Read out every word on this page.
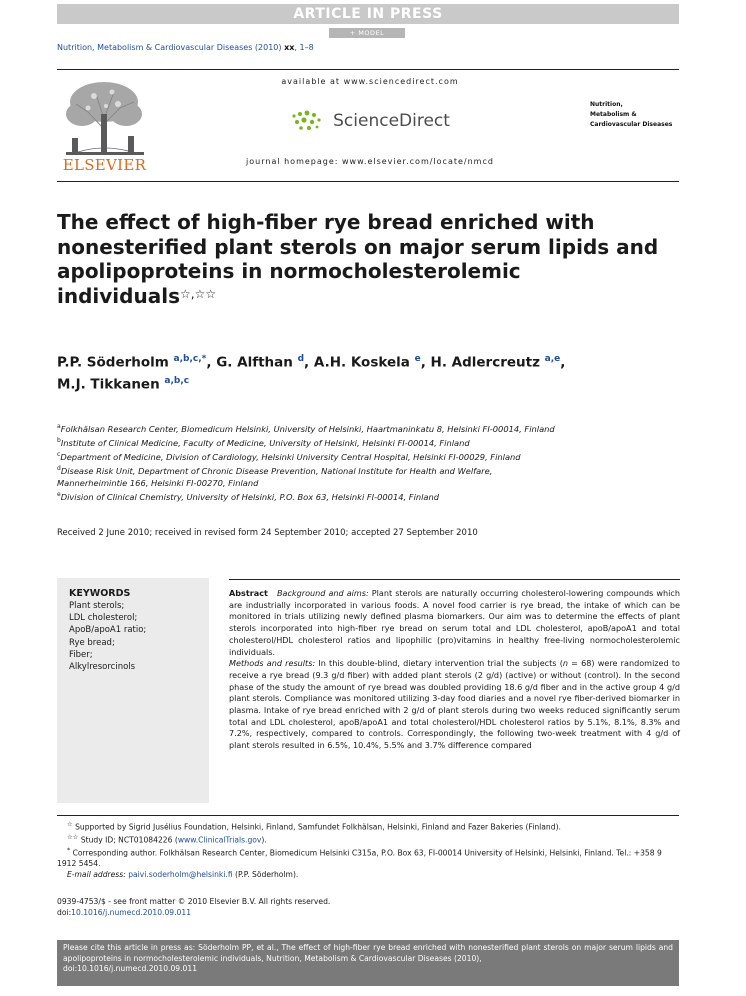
ARTICLE IN PRESS
+ MODEL
Nutrition, Metabolism & Cardiovascular Diseases (2010) xx, 1–8
ELSEVIER
available at www.sciencedirect.com
ScienceDirect
journal homepage: www.elsevier.com/locate/nmcd
Nutrition,
Metabolism &
Cardiovascular Diseases
The effect of high-fiber rye bread enriched with nonesterified plant sterols on major serum lipids and apolipoproteins in normocholesterolemic individuals☆,☆☆
P.P. Söderholm $^{a,b,c,*}$, G. Alfthan $^d$, A.H. Koskela $^e$, H. Adlercreutz $^{a,e}$,
M.J. Tikkanen $^{a,b,c}$
$^a$Folkhälsan Research Center, Biomedicum Helsinki, University of Helsinki, Haartmaninkatu 8, Helsinki FI-00014, Finland
$^b$Institute of Clinical Medicine, Faculty of Medicine, University of Helsinki, Helsinki FI-00014, Finland
$^c$Department of Medicine, Division of Cardiology, Helsinki University Central Hospital, Helsinki FI-00029, Finland
$^d$Disease Risk Unit, Department of Chronic Disease Prevention, National Institute for Health and Welfare,
Mannerheimintie 166, Helsinki FI-00270, Finland
$^e$Division of Clinical Chemistry, University of Helsinki, P.O. Box 63, Helsinki FI-00014, Finland
Received 2 June 2010; received in revised form 24 September 2010; accepted 27 September 2010
KEYWORDS
Plant sterols;
LDL cholesterol;
ApoB/apoA1 ratio;
Rye bread;
Fiber;
Alkylresorcinols
Abstract Background and aims: Plant sterols are naturally occurring cholesterol-lowering compounds which are industrially incorporated in various foods. A novel food carrier is rye bread, the intake of which can be monitored in trials utilizing newly defined plasma biomarkers. Our aim was to determine the effects of plant sterols incorporated into high-fiber rye bread on serum total and LDL cholesterol, apoB/apoA1 and total cholesterol/HDL cholesterol ratios and lipophilic (pro)vitamins in healthy free-living normocholesterolemic individuals.
Methods and results: In this double-blind, dietary intervention trial the subjects (n = 68) were randomized to receive a rye bread (9.3 g/d fiber) with added plant sterols (2 g/d) (active) or without (control). In the second phase of the study the amount of rye bread was doubled providing 18.6 g/d fiber and in the active group 4 g/d plant sterols. Compliance was monitored utilizing 3-day food diaries and a novel rye fiber-derived biomarker in plasma. Intake of rye bread enriched with 2 g/d of plant sterols during two weeks reduced significantly serum total and LDL cholesterol, apoB/apoA1 and total cholesterol/HDL cholesterol ratios by 5.1%, 8.1%, 8.3% and 7.2%, respectively, compared to controls. Correspondingly, the following two-week treatment with 4 g/d of plant sterols resulted in 6.5%, 10.4%, 5.5% and 3.7% difference compared
☆ Supported by Sigrid Jusélius Foundation, Helsinki, Finland, Samfundet Folkhälsan, Helsinki, Finland and Fazer Bakeries (Finland).
☆☆ Study ID; NCT01084226 (www.ClinicalTrials.gov).
* Corresponding author. Folkhälsan Research Center, Biomedicum Helsinki C315a, P.O. Box 63, FI-00014 University of Helsinki, Helsinki, Finland. Tel.: +358 9 1912 5454.
E-mail address: paivi.soderholm@helsinki.fi (P.P. Söderholm).
0939-4753/$ - see front matter © 2010 Elsevier B.V. All rights reserved.
doi:10.1016/j.numecd.2010.09.011
Please cite this article in press as: Söderholm PP, et al., The effect of high-fiber rye bread enriched with nonesterified plant sterols on major serum lipids and apolipoproteins in normocholesterolemic individuals, Nutrition, Metabolism & Cardiovascular Diseases (2010),
doi:10.1016/j.numecd.2010.09.011
